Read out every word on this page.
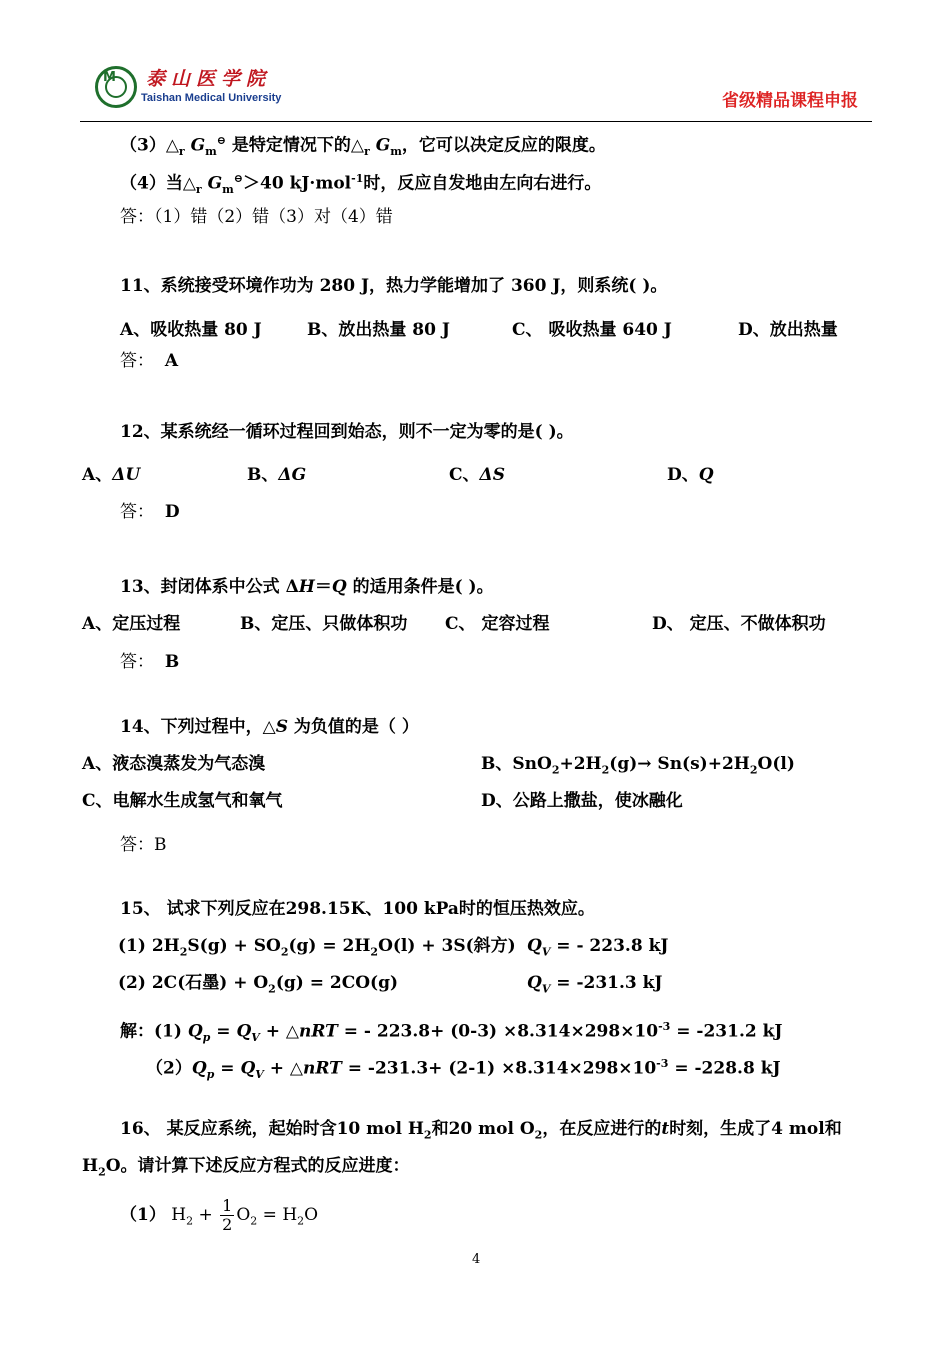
M 泰山医学院
Taishan Medical University	省级精品课程申报
$(3)\triangle_r$ $G_m^⊖$ 是特定情况下的$\triangle_r$ $G_m$，它可以决定反应的限度。
（4）当$\triangle_r$ $G_m^⊖>40$ kJ·mol$^{-1}$时，反应自发地由左向右进行。
答：（1）错（2）错（3）对（4）错
11、系统接受环境作功为 280 J，热力学能增加了 360 J，则系统( )。
A、吸收热量 80 J	B、放出热量 80 J	C、 吸收热量 640 J	D、放出热量
答： A
12、某系统经一循环过程回到始态，则不一定为零的是( )。
A、ΔU	B、ΔG	C、ΔS	D、Q
答： D
13、封闭体系中公式 ΔH＝Q 的适用条件是( )。
A、定压过程	B、定压、只做体积功 C、 定容过程	D、 定压、不做体积功
答： B
14、下列过程中，△S 为负值的是（ ）
A、液态溴蒸发为气态溴	B、$SnO_2+2H_2(g)\to Sn(s)+2H_2O(l)$
C、电解水生成氢气和氧气	D、公路上撒盐，使冰融化
答：B
15、 试求下列反应在298.15K、100 kPa时的恒压热效应。
(1) $2H_2S(g) + SO_2(g) = 2H_2O(l) + 3S$(斜方) $Q_V$ = - 223.8 kJ
(2) 2C(石墨) + $O_2(g) = 2CO(g)$	$Q_V = -231.3$ kJ
解：(1) $Q_p = Q_V$ + △nRT = - $223.8+ (0-3) \times 8.314\times 298\times 10^{-3} = -231.2$ kJ
$(2)Q_p = Q_V$ + △nRT = $-231.3+ (2-1) \times 8.314\times 298\times 10^{-3} = -228.8$ kJ
16、 某反应系统，起始时含10 mol $H_2$和20 mol $O_2$，在反应进行的t时刻，生成了4 mol和
$H_2O$。请计算下述反应方程式的反应进度：
（1） $H_2 + \frac{1}{2} O_2 = H_2O$
4
